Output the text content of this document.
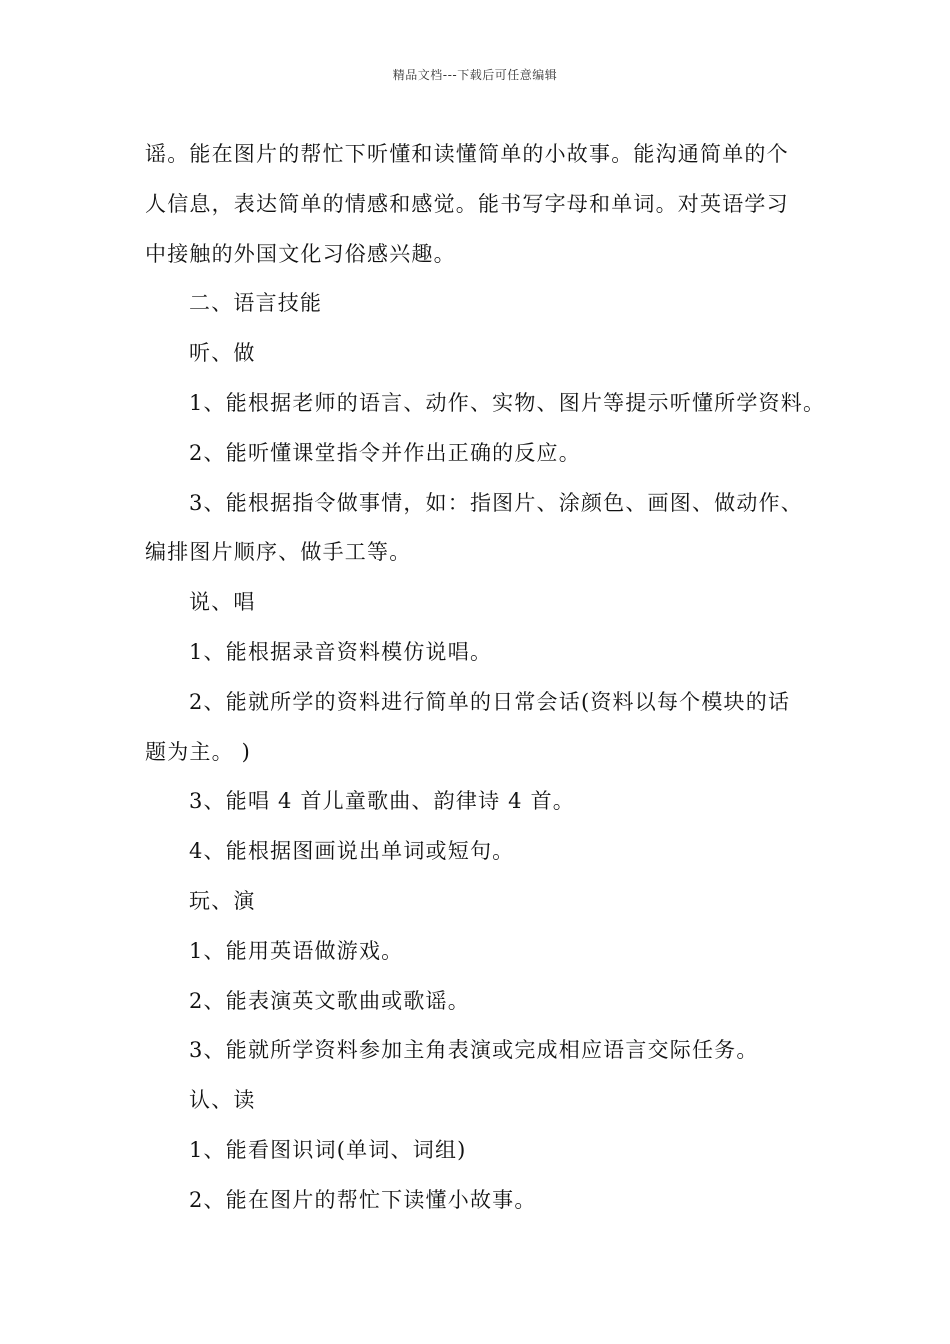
精品文档---下载后可任意编辑
谣。能在图片的帮忙下听懂和读懂简单的小故事。能沟通简单的个
人信息，表达简单的情感和感觉。能书写字母和单词。对英语学习
中接触的外国文化习俗感兴趣。
二、语言技能
听、做
1、能根据老师的语言、动作、实物、图片等提示听懂所学资料。
2、能听懂课堂指令并作出正确的反应。
3、能根据指令做事情，如：指图片、涂颜色、画图、做动作、
编排图片顺序、做手工等。
说、唱
1、能根据录音资料模仿说唱。
2、能就所学的资料进行简单的日常会话(资料以每个模块的话
题为主。 )
3、能唱 4 首儿童歌曲、韵律诗 4 首。
4、能根据图画说出单词或短句。
玩、演
1、能用英语做游戏。
2、能表演英文歌曲或歌谣。
3、能就所学资料参加主角表演或完成相应语言交际任务。
认、读
1、能看图识词(单词、词组)
2、能在图片的帮忙下读懂小故事。
